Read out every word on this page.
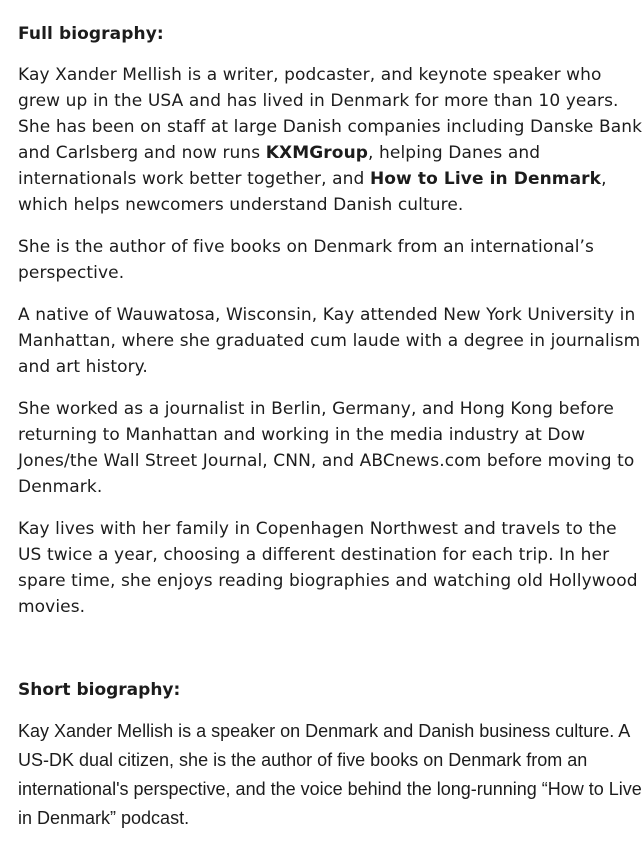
Full biography:

Kay Xander Mellish is a writer, podcaster, and keynote speaker who grew up in the USA and has lived in Denmark for more than 10 years. She has been on staff at large Danish companies including Danske Bank and Carlsberg and now runs KXMGroup, helping Danes and internationals work better together, and How to Live in Denmark, which helps newcomers understand Danish culture.

She is the author of five books on Denmark from an international’s perspective.

A native of Wauwatosa, Wisconsin, Kay attended New York University in Manhattan, where she graduated cum laude with a degree in journalism and art history.

She worked as a journalist in Berlin, Germany, and Hong Kong before returning to Manhattan and working in the media industry at Dow Jones/the Wall Street Journal, CNN, and ABCnews.com before moving to Denmark.

Kay lives with her family in Copenhagen Northwest and travels to the US twice a year, choosing a different destination for each trip. In her spare time, she enjoys reading biographies and watching old Hollywood movies.

Short biography:

Kay Xander Mellish is a speaker on Denmark and Danish business culture. A US-DK dual citizen, she is the author of five books on Denmark from an international's perspective, and the voice behind the long-running “How to Live in Denmark” podcast.
